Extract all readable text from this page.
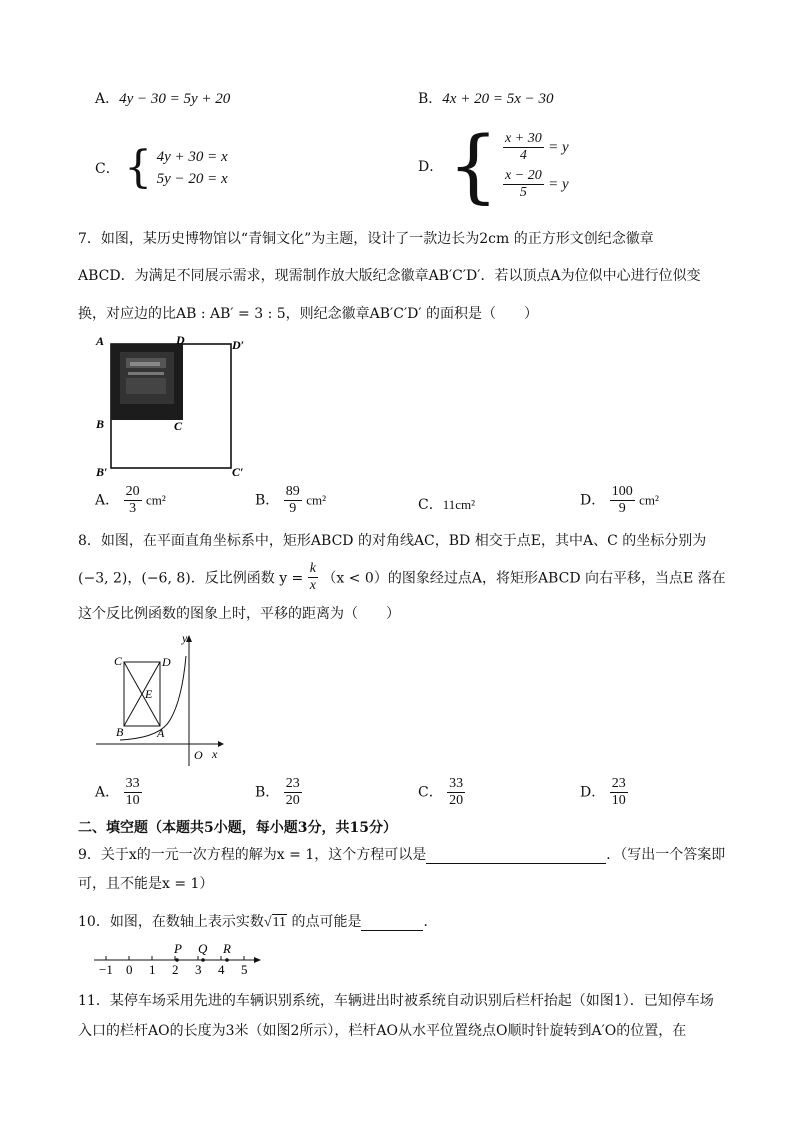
A．4y − 30 = 5y + 20	B．4x + 20 = 5x − 30
C． { 4y + 30 = x
5y − 20 = x
D． { $\frac{x + 30}{4} = y$
$\frac{x - 20}{5} = y$
7．如图，某历史博物馆以“青铜文化”为主题，设计了一款边长为2cm 的正方形文创纪念徽章
ABCD．为满足不同展示需求，现需制作放大版纪念徽章AB′C′D′．若以顶点A为位似中心进行位似变
换，对应边的比AB : AB′ = 3 : 5，则纪念徽章AB′C′D′ 的面积是（　　）
A	D	D′
B	C
B′	C′
A． $\frac{20}{3} cm^2$	B． $\frac{89}{9} cm^2$	C．11cm²	D． $\frac{100}{9} cm^2$
8．如图，在平面直角坐标系中，矩形ABCD 的对角线AC，BD 相交于点E，其中A、C 的坐标分别为
(−3, 2)，(−6, 8)．反比例函数 $y = \frac{k}{x} (x < 0)$的图象经过点A，将矩形ABCD 向右平移，当点E 落在
这个反比例函数的图象上时，平移的距离为（　　）
y
x
O
C	D
E
B	A
A． $\frac{33}{10}$	B． $\frac{23}{20}$	C． $\frac{33}{20}$	D． $\frac{23}{10}$
二、填空题（本题共5小题，每小题3分，共15分）
9．关于x的一元一次方程的解为x = 1，这个方程可以是	．（写出一个答案即
可，且不能是x = 1）
10．如图，在数轴上表示实数√11 的点可能是	．
−1 0 1 2 3 4 5
P Q R
11．某停车场采用先进的车辆识别系统，车辆进出时被系统自动识别后栏杆抬起（如图1）．已知停车场
入口的栏杆AO的长度为3米（如图2所示），栏杆AO从水平位置绕点O顺时针旋转到A′O的位置，在
